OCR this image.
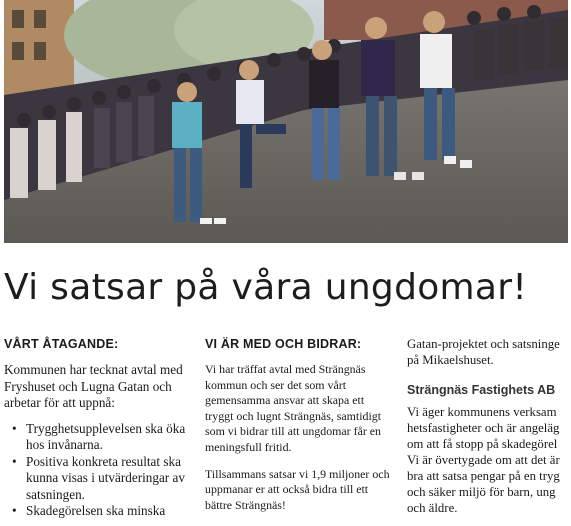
Vi satsar på våra ungdomar!
VÅRT ÅTAGANDE:

Kommunen har tecknat avtal med Fryshuset och Lugna Gatan och arbetar för att uppnå:

• Trygghetsupplevelsen ska öka hos invånarna.
• Positiva konkreta resultat ska kunna visas i utvärderingar av satsningen.
• Skadegörelsen ska minska
VI ÄR MED OCH BIDRAR:

Vi har träffat avtal med Strängnäs kommun och ser det som vårt gemensamma ansvar att skapa ett tryggt och lugnt Strängnäs, samtidigt som vi bidrar till att ungdomar får en meningsfull fritid.

Tillsammans satsar vi 1,9 miljoner och uppmanar er att också bidra till ett bättre Strängnäs!

Gatan-projektet och satsninge
på Mikaelshuset.

Strängnäs Fastighets AB
Vi äger kommunens verksam
hetsfastigheter och är angeläg
om att få stopp på skadegörel
Vi är övertygade om att det är
bra att satsa pengar på en tryg
och säker miljö för barn, ung
och äldre.
